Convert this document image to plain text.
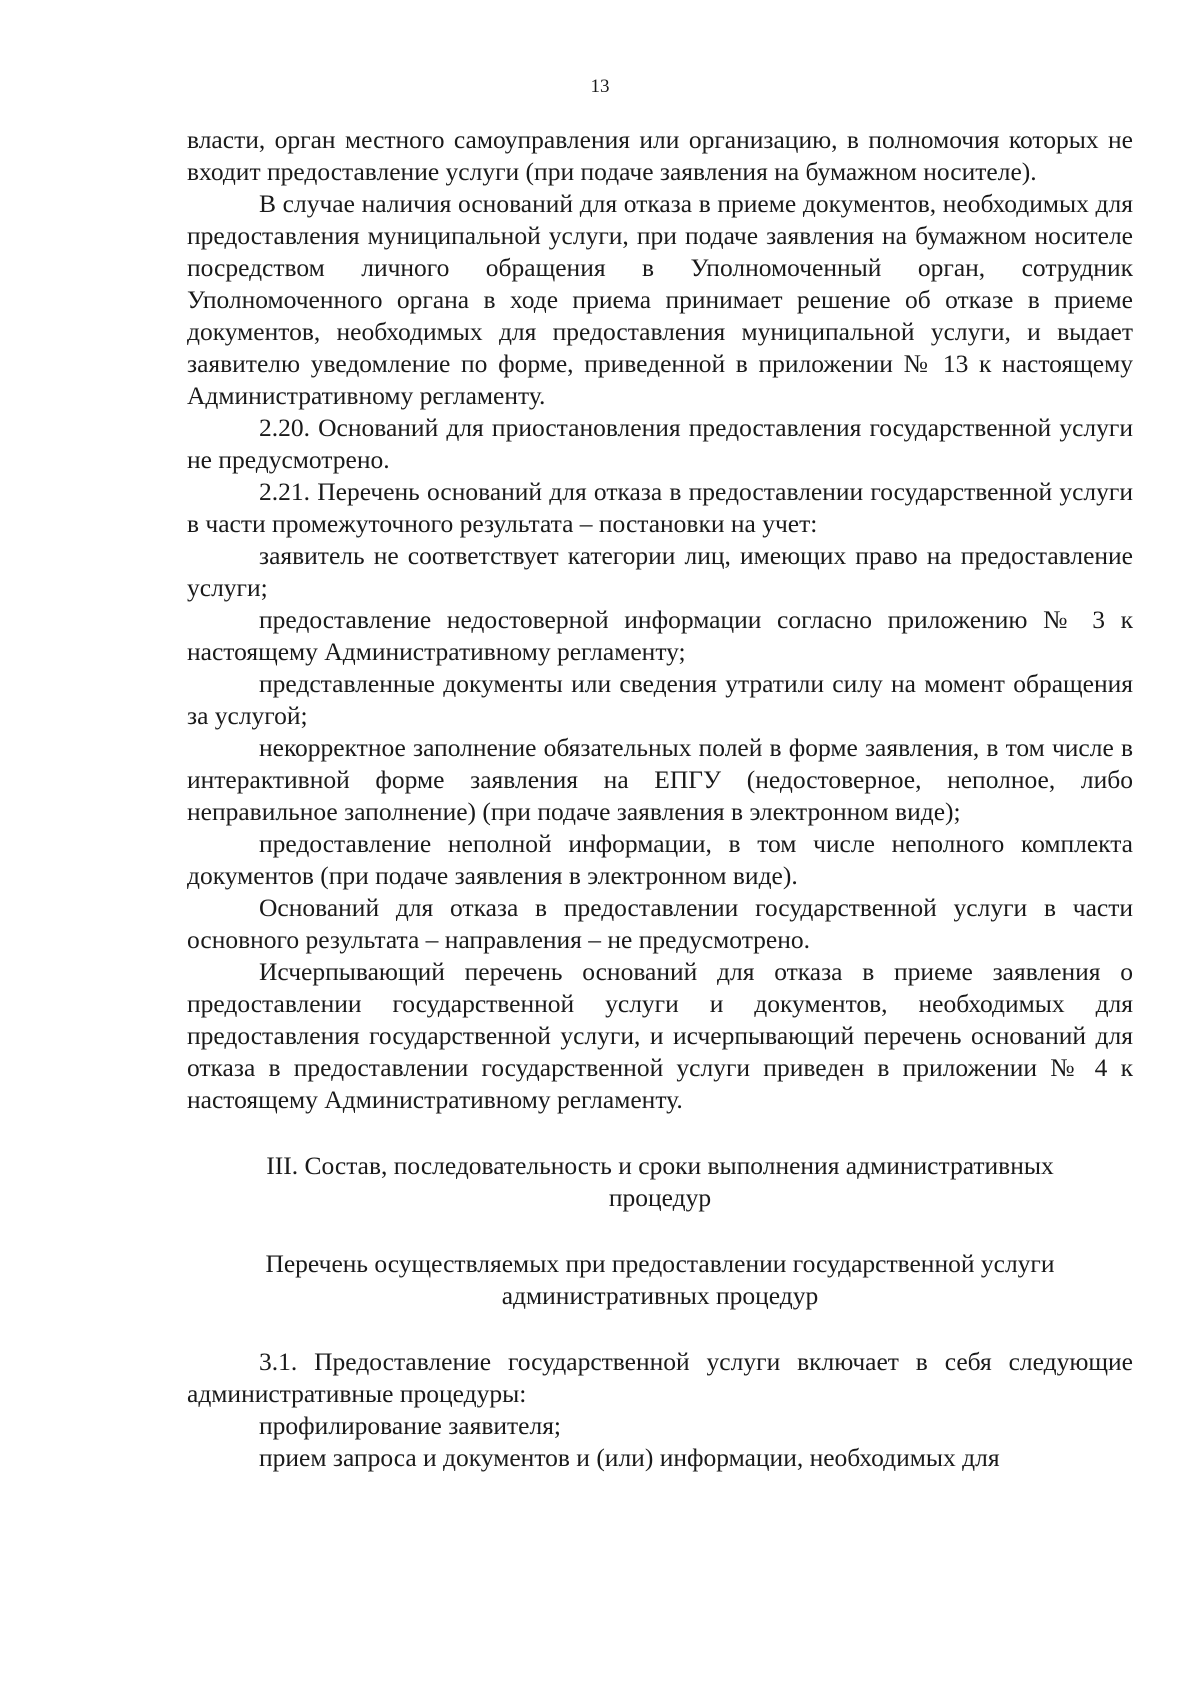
13

власти, орган местного самоуправления или организацию, в полномочия которых не входит предоставление услуги (при подаче заявления на бумажном носителе).

В случае наличия оснований для отказа в приеме документов, необходимых для предоставления муниципальной услуги, при подаче заявления на бумажном носителе посредством личного обращения в Уполномоченный орган, сотрудник Уполномоченного органа в ходе приема принимает решение об отказе в приеме документов, необходимых для предоставления муниципальной услуги, и выдает заявителю уведомление по форме, приведенной в приложении № 13 к настоящему Административному регламенту.

2.20. Оснований для приостановления предоставления государственной услуги не предусмотрено.

2.21. Перечень оснований для отказа в предоставлении государственной услуги в части промежуточного результата – постановки на учет:

заявитель не соответствует категории лиц, имеющих право на предоставление услуги;

предоставление недостоверной информации согласно приложению № 3 к настоящему Административному регламенту;

представленные документы или сведения утратили силу на момент обращения за услугой;

некорректное заполнение обязательных полей в форме заявления, в том числе в интерактивной форме заявления на ЕПГУ (недостоверное, неполное, либо неправильное заполнение) (при подаче заявления в электронном виде);

предоставление неполной информации, в том числе неполного комплекта документов (при подаче заявления в электронном виде).

Оснований для отказа в предоставлении государственной услуги в части основного результата – направления – не предусмотрено.

Исчерпывающий перечень оснований для отказа в приеме заявления о предоставлении государственной услуги и документов, необходимых для предоставления государственной услуги, и исчерпывающий перечень оснований для отказа в предоставлении государственной услуги приведен в приложении № 4 к настоящему Административному регламенту.

III. Состав, последовательность и сроки выполнения административных процедур

Перечень осуществляемых при предоставлении государственной услуги административных процедур

3.1. Предоставление государственной услуги включает в себя следующие административные процедуры:

профилирование заявителя;

прием запроса и документов и (или) информации, необходимых для
